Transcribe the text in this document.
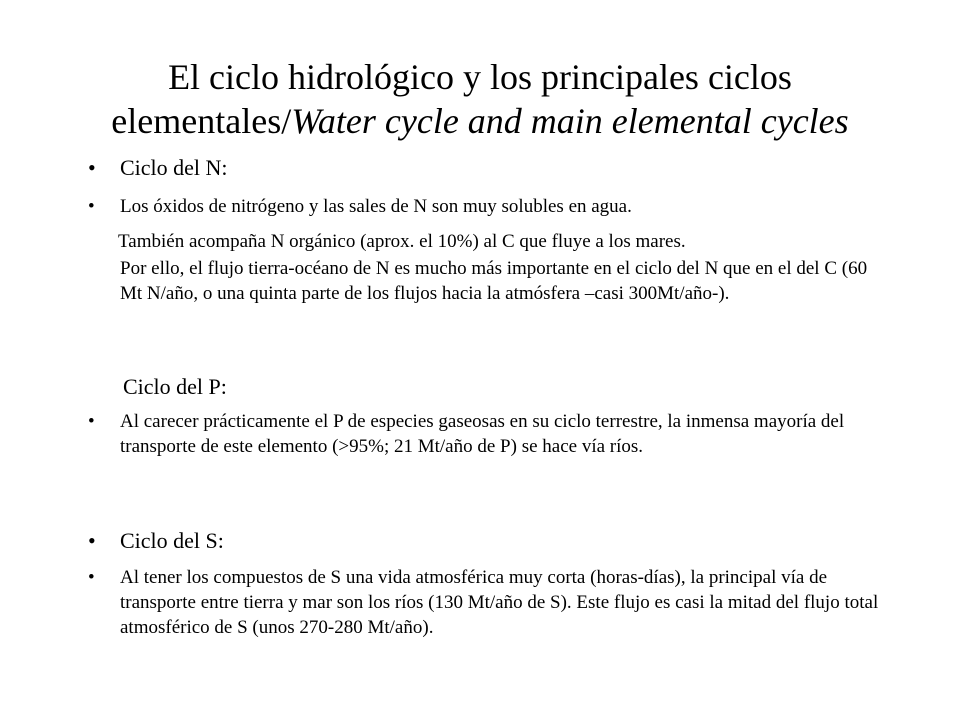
El ciclo hidrológico y los principales ciclos elementales/Water cycle and main elemental cycles
•	Ciclo del N:

•	Los óxidos de nitrógeno y las sales de N son muy solubles en agua.

También acompaña N orgánico (aprox. el 10%) al C que fluye a los mares.

Por ello, el flujo tierra-océano de N es mucho más importante en el ciclo del N que en el del C (60 Mt N/año, o una quinta parte de los flujos hacia la atmósfera –casi 300Mt/año-).

Ciclo del P:

•	Al carecer prácticamente el P de especies gaseosas en su ciclo terrestre, la inmensa mayoría del transporte de este elemento (>95%; 21 Mt/año de P) se hace vía ríos.

•	Ciclo del S:

•	Al tener los compuestos de S una vida atmosférica muy corta (horas-días), la principal vía de transporte entre tierra y mar son los ríos (130 Mt/año de S). Este flujo es casi la mitad del flujo total atmosférico de S (unos 270-280 Mt/año).
